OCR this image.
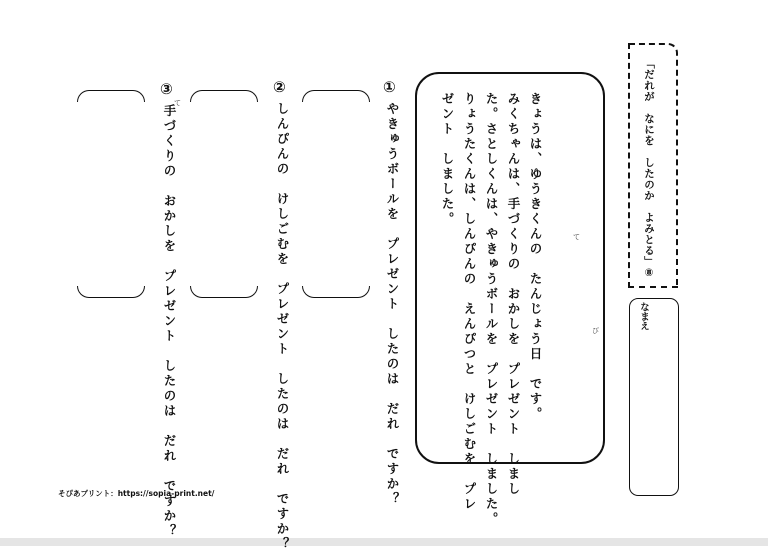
「だれが　なにを　したのか　よみとる」⑧
なまえ
きょうは、ゆうきくんの　たんじょう日　です。
みくちゃんは、手づくりの　おかしを　プレゼント　しまし
た。さとしくんは、やきゅうボールを　プレゼント　しました。
りょうたくんは、しんぴんの　えんぴつと　けしごむを　プレ
ゼント　しました。
び
て
①
やきゅうボールを　プレゼント　したのは　だれ　ですか？
②
しんぴんの　けしごむを　プレゼント　したのは　だれ　ですか？
③
手づくりの　おかしを　プレゼント　したのは　だれ　ですか？
て
そぴあプリント：https://sopia-print.net/
